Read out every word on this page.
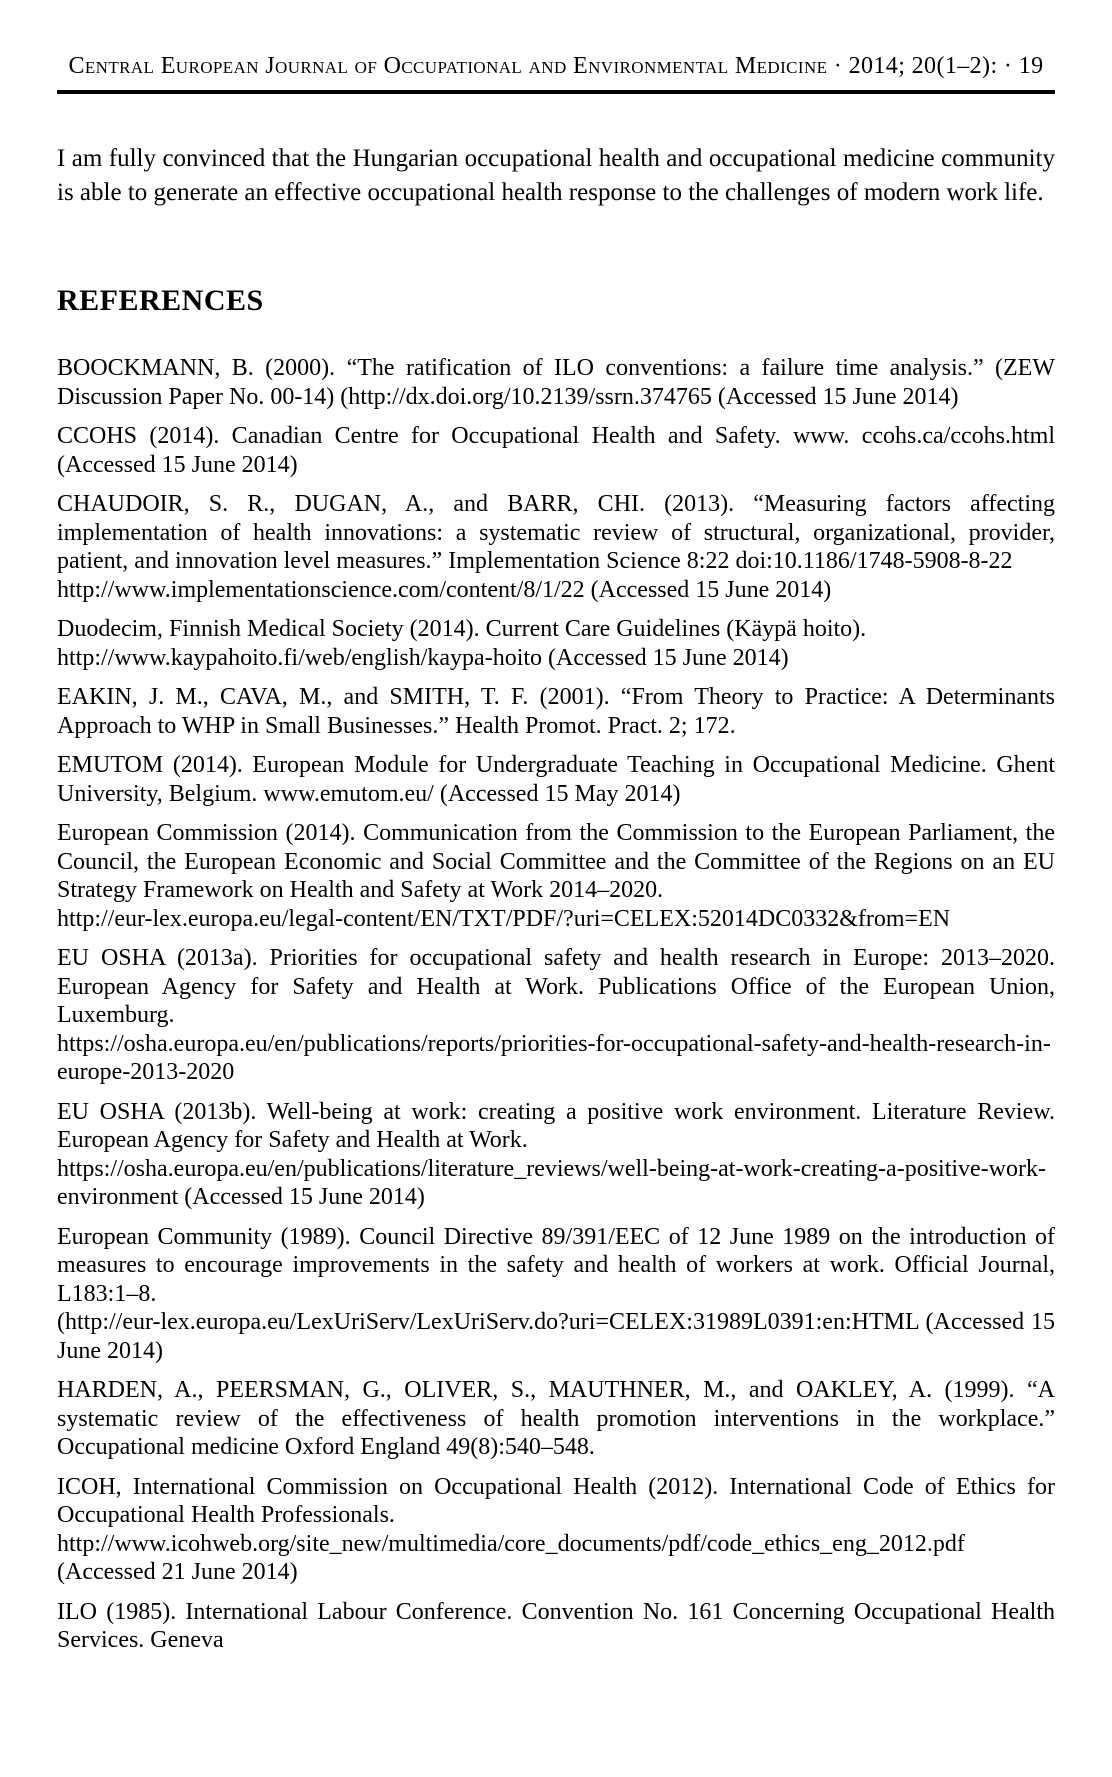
Central European Journal of Occupational and Environmental Medicine · 2014; 20(1–2): · 19

I am fully convinced that the Hungarian occupational health and occupational medicine community is able to generate an effective occupational health response to the challenges of modern work life.

REFERENCES
BOOCKMANN, B. (2000). “The ratification of ILO conventions: a failure time analysis.” (ZEW Discussion Paper No. 00-14) (http://dx.doi.org/10.2139/ssrn.374765 (Accessed 15 June 2014)
CCOHS (2014). Canadian Centre for Occupational Health and Safety. www. ccohs.ca/ccohs.html (Accessed 15 June 2014)
CHAUDOIR, S. R., DUGAN, A., and BARR, CHI. (2013). “Measuring factors affecting implementation of health innovations: a systematic review of structural, organizational, provider, patient, and innovation level measures.” Implementation Science 8:22 doi:10.1186/1748-5908-8-22
http://www.implementationscience.com/content/8/1/22 (Accessed 15 June 2014)
Duodecim, Finnish Medical Society (2014). Current Care Guidelines (Käypä hoito).
http://www.kaypahoito.fi/web/english/kaypa-hoito (Accessed 15 June 2014)
EAKIN, J. M., CAVA, M., and SMITH, T. F. (2001). “From Theory to Practice: A Determinants Approach to WHP in Small Businesses.” Health Promot. Pract. 2; 172.
EMUTOM (2014). European Module for Undergraduate Teaching in Occupational Medicine. Ghent University, Belgium. www.emutom.eu/ (Accessed 15 May 2014)
European Commission (2014). Communication from the Commission to the European Parliament, the Council, the European Economic and Social Committee and the Committee of the Regions on an EU Strategy Framework on Health and Safety at Work 2014–2020.
http://eur-lex.europa.eu/legal-content/EN/TXT/PDF/?uri=CELEX:52014DC0332&from=EN
EU OSHA (2013a). Priorities for occupational safety and health research in Europe: 2013–2020. European Agency for Safety and Health at Work. Publications Office of the European Union, Luxemburg.
https://osha.europa.eu/en/publications/reports/priorities-for-occupational-safety-and-health-research-in-europe-2013-2020
EU OSHA (2013b). Well-being at work: creating a positive work environment. Literature Review. European Agency for Safety and Health at Work.
https://osha.europa.eu/en/publications/literature_reviews/well-being-at-work-creating-a-positive-work-environment (Accessed 15 June 2014)
European Community (1989). Council Directive 89/391/EEC of 12 June 1989 on the introduction of measures to encourage improvements in the safety and health of workers at work. Official Journal, L183:1–8.
(http://eur-lex.europa.eu/LexUriServ/LexUriServ.do?uri=CELEX:31989L0391:en:HTML (Accessed 15 June 2014)
HARDEN, A., PEERSMAN, G., OLIVER, S., MAUTHNER, M., and OAKLEY, A. (1999). “A systematic review of the effectiveness of health promotion interventions in the workplace.” Occupational medicine Oxford England 49(8):540–548.
ICOH, International Commission on Occupational Health (2012). International Code of Ethics for Occupational Health Professionals.
http://www.icohweb.org/site_new/multimedia/core_documents/pdf/code_ethics_eng_2012.pdf
(Accessed 21 June 2014)
ILO (1985). International Labour Conference. Convention No. 161 Concerning Occupational Health Services. Geneva
